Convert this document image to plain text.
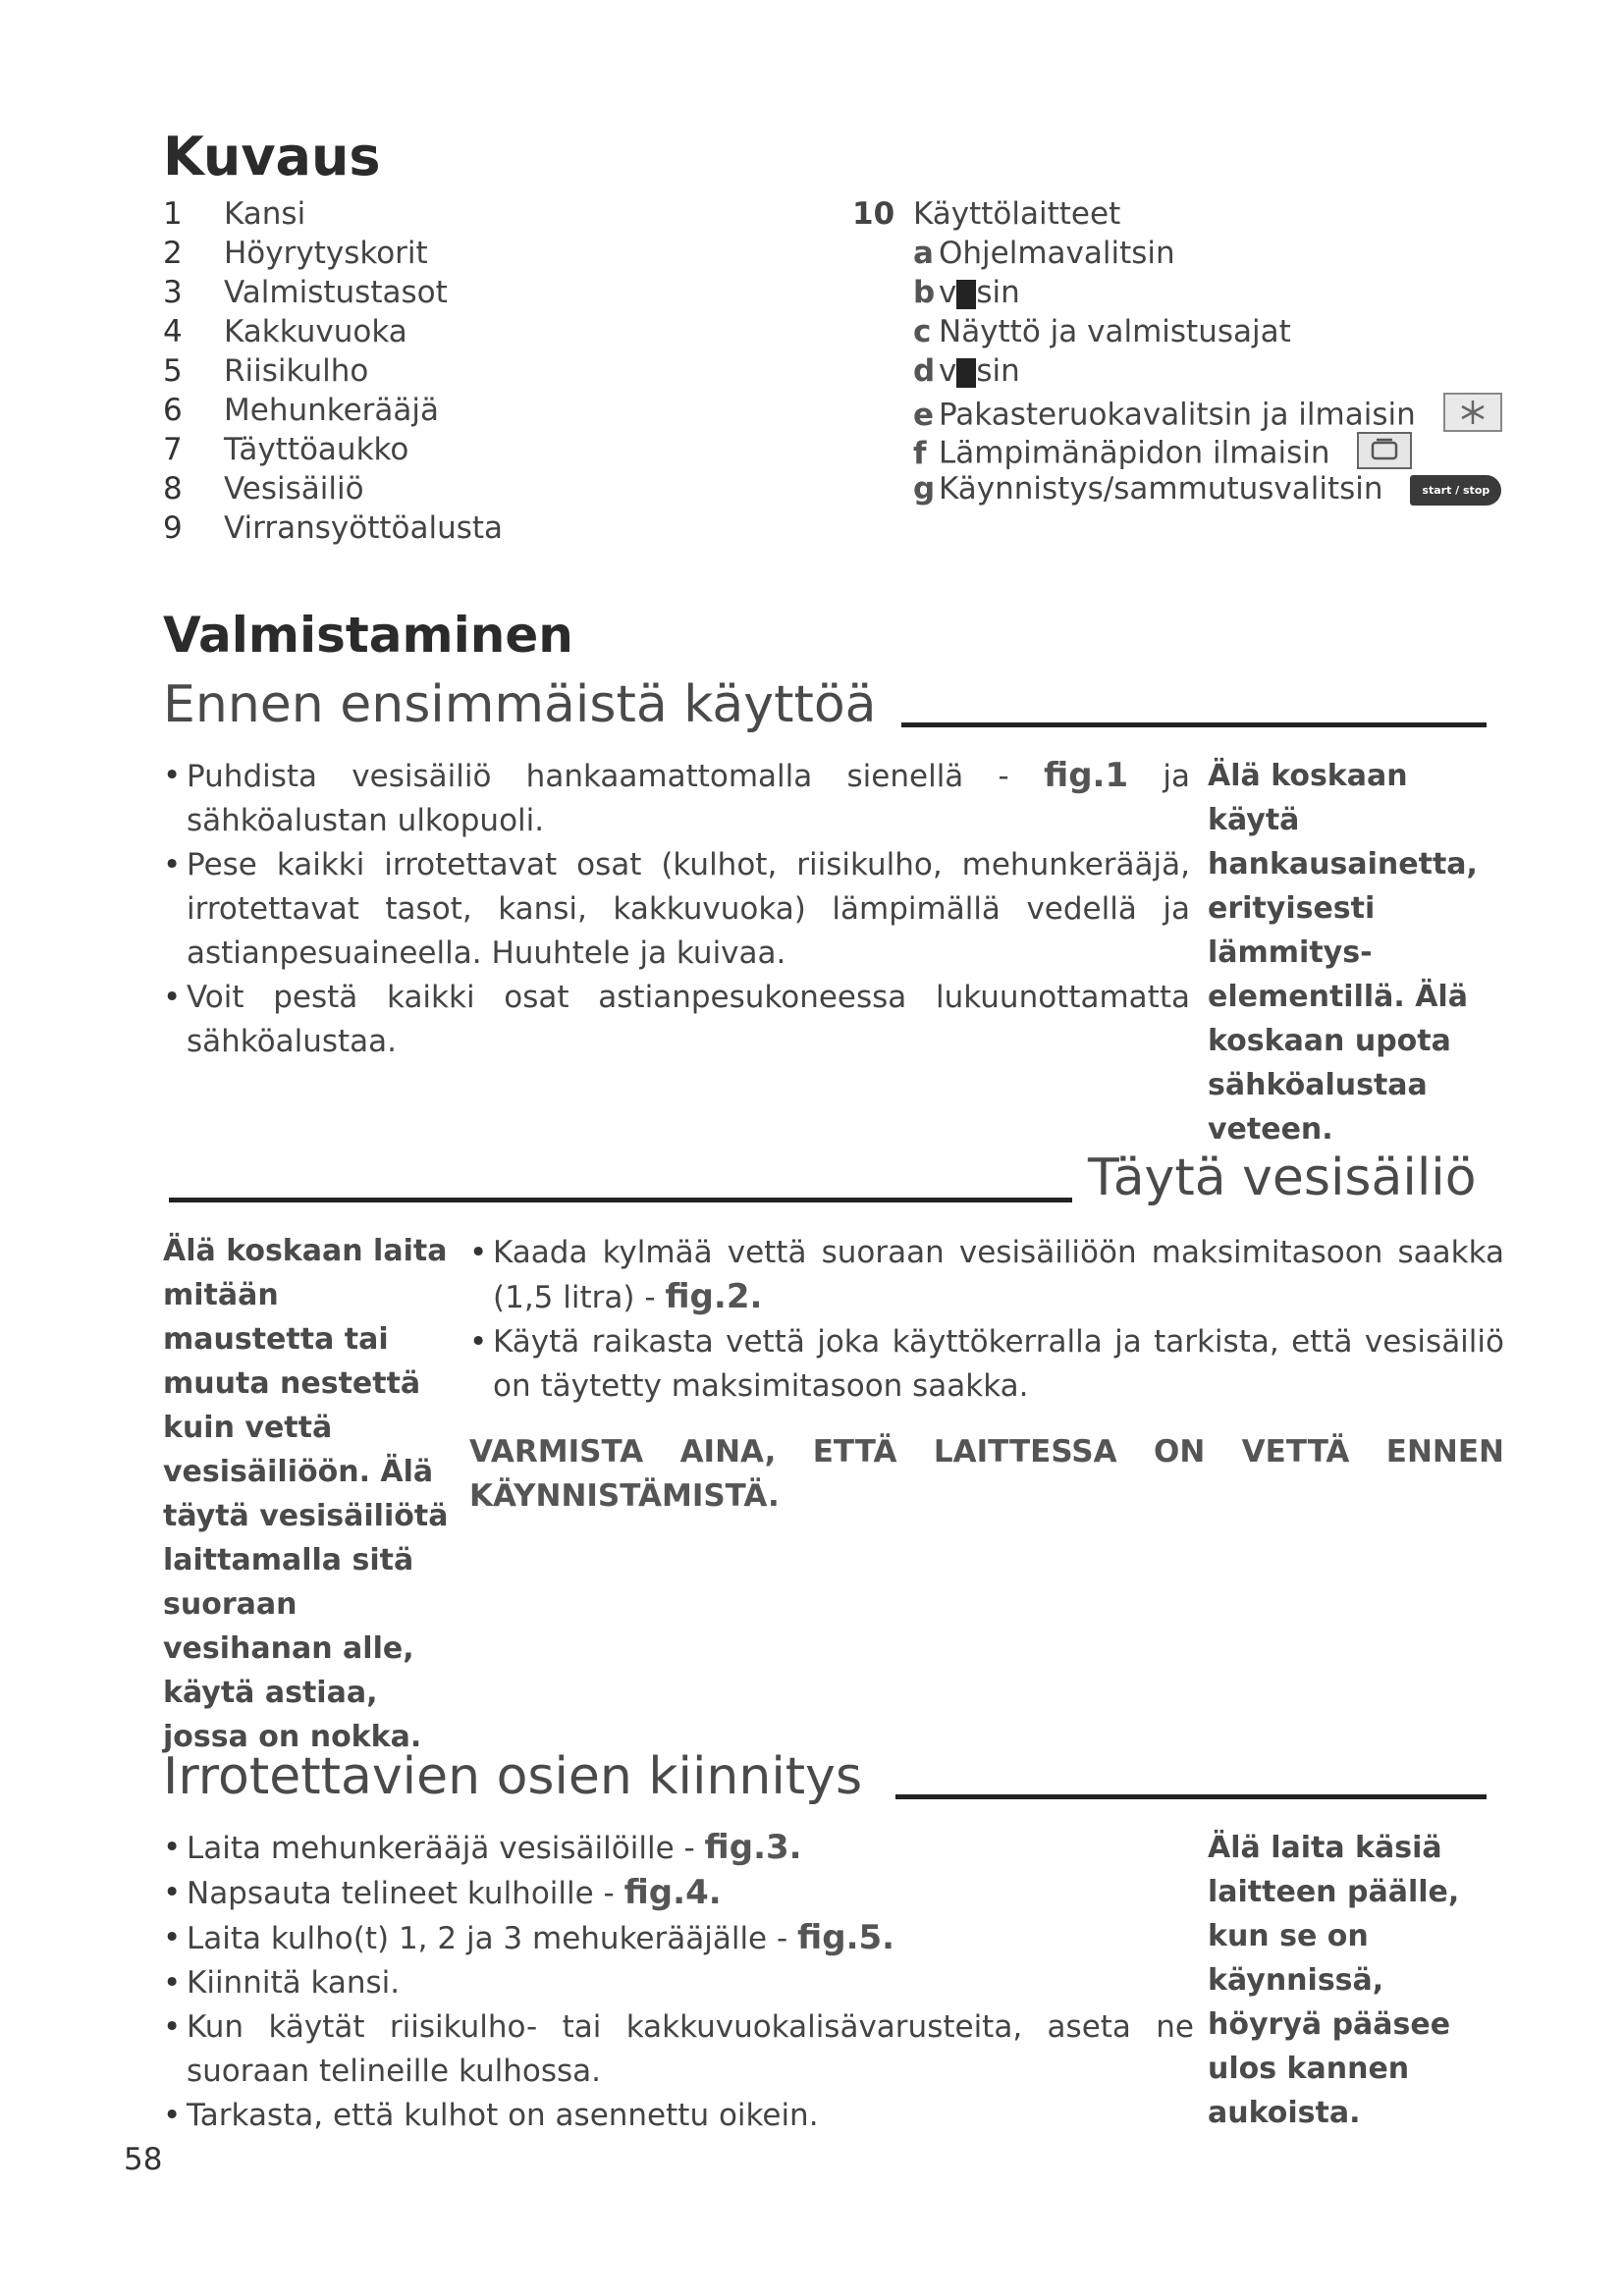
Kuvaus
1 Kansi
2 Höyrytyskorit
3 Valmistustasot
4 Kakkuvuoka
5 Riisikulho
6 Mehunkerääjä
7 Täyttöaukko
8 Vesisäiliö
9 Virransyöttöalusta
10 Käyttölaitteet
a Ohjelmavalitsin
b v sin
c Näyttö ja valmistusajat
d v sin
e Pakasteruokavalitsin ja ilmaisin
f Lämpimänäpidon ilmaisin
g Käynnistys/sammutusvalitsin	start / stop
Valmistaminen
Ennen ensimmäistä käyttöä
• Puhdista vesisäiliö hankaamattomalla sienellä - fig.1 ja sähköalustan ulkopuoli.
• Pese kaikki irrotettavat osat (kulhot, riisikulho, mehunkerääjä, irrotettavat tasot, kansi, kakkuvuoka) lämpimällä vedellä ja astianpesuaineella. Huuhtele ja kuivaa.
• Voit pestä kaikki osat astianpesukoneessa lukuunottamatta sähköalustaa.
Älä koskaan käytä hankausainetta, erityisesti lämmitys-elementillä. Älä koskaan upota sähköalustaa veteen.
Täytä vesisäiliö
Älä koskaan laita mitään maustetta tai muuta nestettä kuin vettä vesisäiliöön. Älä täytä vesisäiliötä laittamalla sitä suoraan vesihanan alle, käytä astiaa, jossa on nokka.
• Kaada kylmää vettä suoraan vesisäiliöön maksimitasoon saakka (1,5 litra) - fig.2.
• Käytä raikasta vettä joka käyttökerralla ja tarkista, että vesisäiliö on täytetty maksimitasoon saakka.
VARMISTA AINA, ETTÄ LAITTESSA ON VETTÄ ENNEN KÄYNNISTÄMISTÄ.
Irrotettavien osien kiinnitys
• Laita mehunkerääjä vesisäilöille - fig.3.
• Napsauta telineet kulhoille - fig.4.
• Laita kulho(t) 1, 2 ja 3 mehukerääjälle - fig.5.
• Kiinnitä kansi.
• Kun käytät riisikulho- tai kakkuvuokalisävarusteita, aseta ne suoraan telineille kulhossa.
• Tarkasta, että kulhot on asennettu oikein.
Älä laita käsiä laitteen päälle, kun se on käynnissä, höyryä pääsee ulos kannen aukoista.
58
